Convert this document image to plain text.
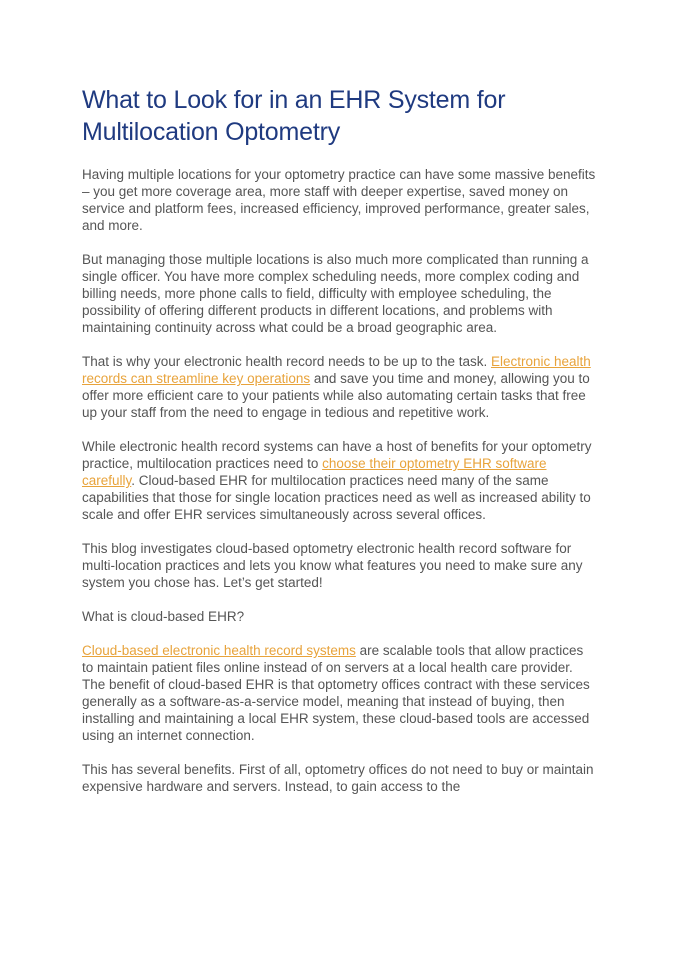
What to Look for in an EHR System for Multilocation Optometry

Having multiple locations for your optometry practice can have some massive benefits – you get more coverage area, more staff with deeper expertise, saved money on service and platform fees, increased efficiency, improved performance, greater sales, and more.

But managing those multiple locations is also much more complicated than running a single officer. You have more complex scheduling needs, more complex coding and billing needs, more phone calls to field, difficulty with employee scheduling, the possibility of offering different products in different locations, and problems with maintaining continuity across what could be a broad geographic area.

That is why your electronic health record needs to be up to the task. Electronic health records can streamline key operations and save you time and money, allowing you to offer more efficient care to your patients while also automating certain tasks that free up your staff from the need to engage in tedious and repetitive work.

While electronic health record systems can have a host of benefits for your optometry practice, multilocation practices need to choose their optometry EHR software carefully. Cloud-based EHR for multilocation practices need many of the same capabilities that those for single location practices need as well as increased ability to scale and offer EHR services simultaneously across several offices.

This blog investigates cloud-based optometry electronic health record software for multi-location practices and lets you know what features you need to make sure any system you chose has. Let’s get started!

What is cloud-based EHR?

Cloud-based electronic health record systems are scalable tools that allow practices to maintain patient files online instead of on servers at a local health care provider. The benefit of cloud-based EHR is that optometry offices contract with these services generally as a software-as-a-service model, meaning that instead of buying, then installing and maintaining a local EHR system, these cloud-based tools are accessed using an internet connection.

This has several benefits. First of all, optometry offices do not need to buy or maintain expensive hardware and servers. Instead, to gain access to the
